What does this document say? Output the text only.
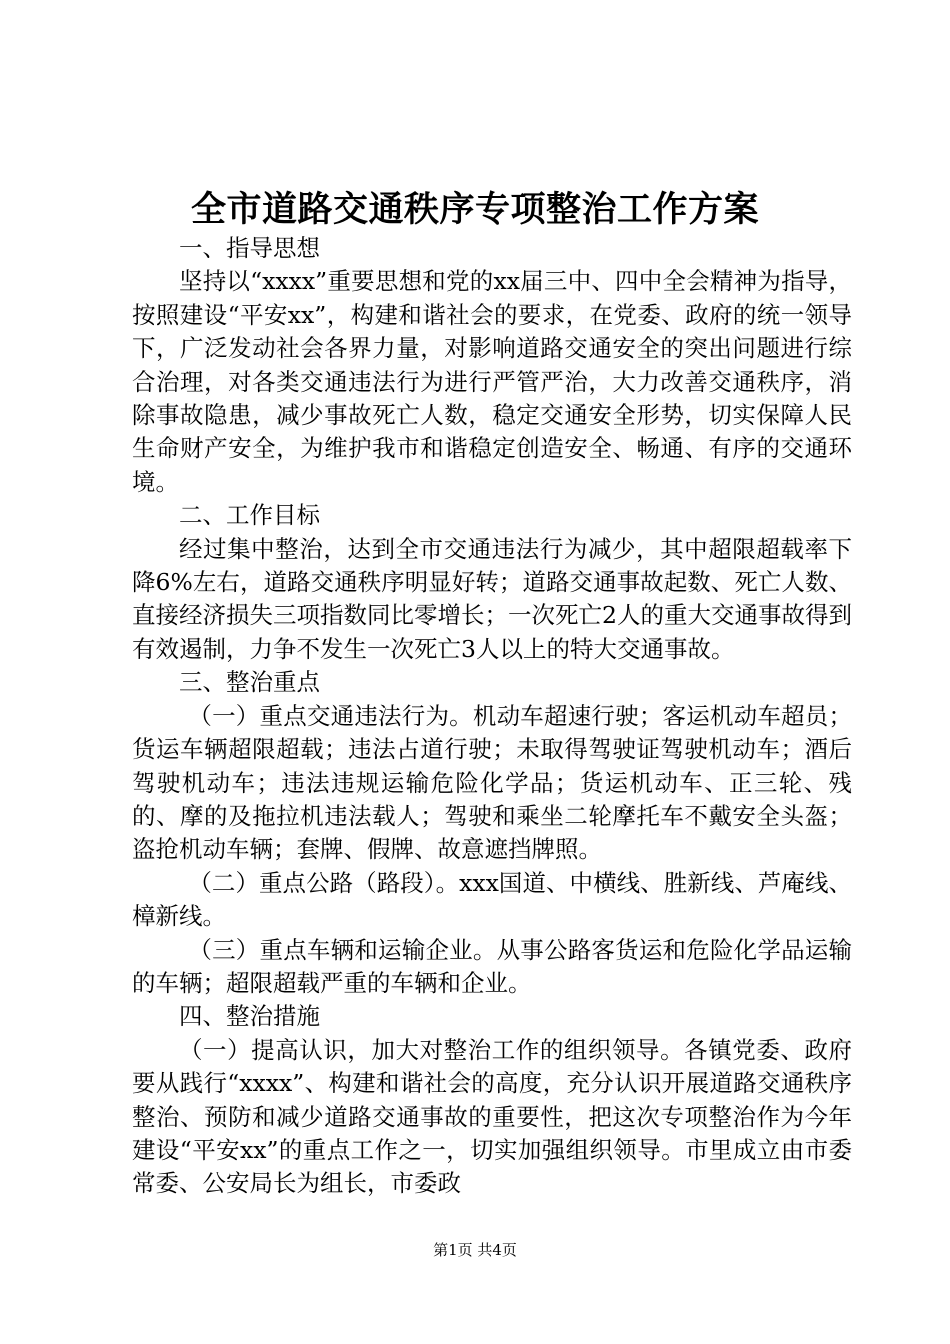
全市道路交通秩序专项整治工作方案

一、指导思想

坚持以“xxxx”重要思想和党的xx届三中、四中全会精神为指导，按照建设“平安xx”，构建和谐社会的要求，在党委、政府的统一领导下，广泛发动社会各界力量，对影响道路交通安全的突出问题进行综合治理，对各类交通违法行为进行严管严治，大力改善交通秩序，消除事故隐患，减少事故死亡人数，稳定交通安全形势，切实保障人民生命财产安全，为维护我市和谐稳定创造安全、畅通、有序的交通环境。

二、工作目标

经过集中整治，达到全市交通违法行为减少，其中超限超载率下降6%左右，道路交通秩序明显好转；道路交通事故起数、死亡人数、直接经济损失三项指数同比零增长；一次死亡2人的重大交通事故得到有效遏制，力争不发生一次死亡3人以上的特大交通事故。

三、整治重点

（一）重点交通违法行为。机动车超速行驶；客运机动车超员；货运车辆超限超载；违法占道行驶；未取得驾驶证驾驶机动车；酒后驾驶机动车；违法违规运输危险化学品；货运机动车、正三轮、残的、摩的及拖拉机违法载人；驾驶和乘坐二轮摩托车不戴安全头盔；盗抢机动车辆；套牌、假牌、故意遮挡牌照。

（二）重点公路（路段）。xxx国道、中横线、胜新线、芦庵线、樟新线。

（三）重点车辆和运输企业。从事公路客货运和危险化学品运输的车辆；超限超载严重的车辆和企业。

四、整治措施

（一）提高认识，加大对整治工作的组织领导。各镇党委、政府要从践行“xxxx”、构建和谐社会的高度，充分认识开展道路交通秩序整治、预防和减少道路交通事故的重要性，把这次专项整治作为今年建设“平安xx”的重点工作之一，切实加强组织领导。市里成立由市委常委、公安局长为组长，市委政

第1页 共4页
